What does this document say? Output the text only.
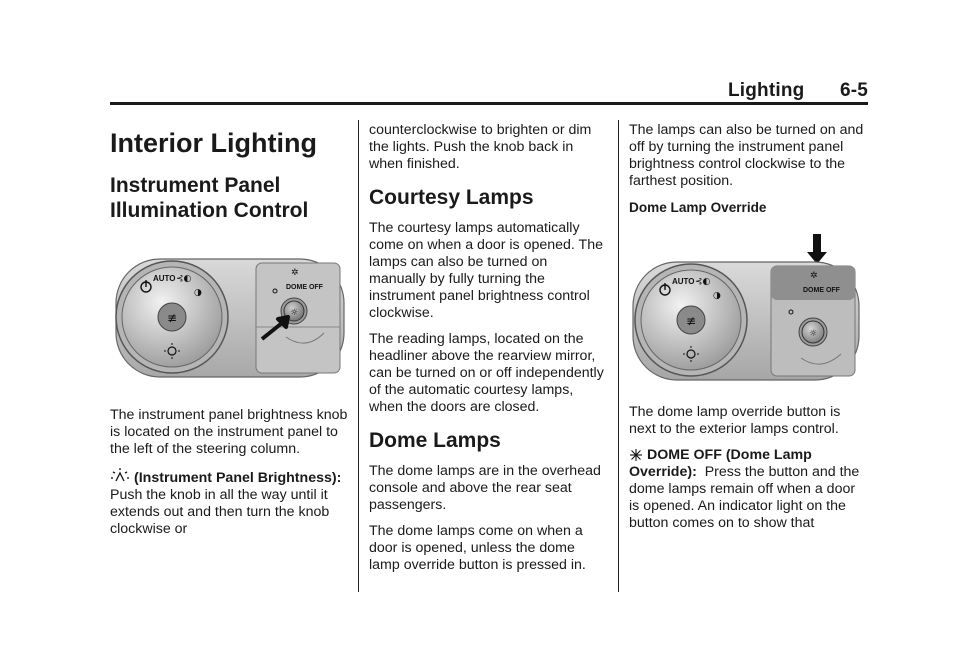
Lighting 6-5
Interior Lighting
Instrument Panel Illumination Control
≢
AUTO ⊰◐
◑
DOME OFF
✲
☼

The instrument panel brightness knob is located on the instrument panel to the left of the steering column.

(Instrument Panel Brightness):  Push the knob in all the way until it extends out and then turn the knob clockwise or

counterclockwise to brighten or dim the lights. Push the knob back in when finished.

Courtesy Lamps

The courtesy lamps automatically come on when a door is opened. The lamps can also be turned on manually by fully turning the instrument panel brightness control clockwise.

The reading lamps, located on the headliner above the rearview mirror, can be turned on or off independently of the automatic courtesy lamps, when the doors are closed.

Dome Lamps

The dome lamps are in the overhead console and above the rear seat passengers.

The dome lamps come on when a door is opened, unless the dome lamp override button is pressed in.

The lamps can also be turned on and off by turning the instrument panel brightness control clockwise to the farthest position.

Dome Lamp Override

≢
AUTO ⊰◐
◑
DOME OFF
✲
☼

The dome lamp override button is next to the exterior lamps control.

DOME OFF (Dome Lamp Override): Press the button and the dome lamps remain off when a door is opened. An indicator light on the button comes on to show that
